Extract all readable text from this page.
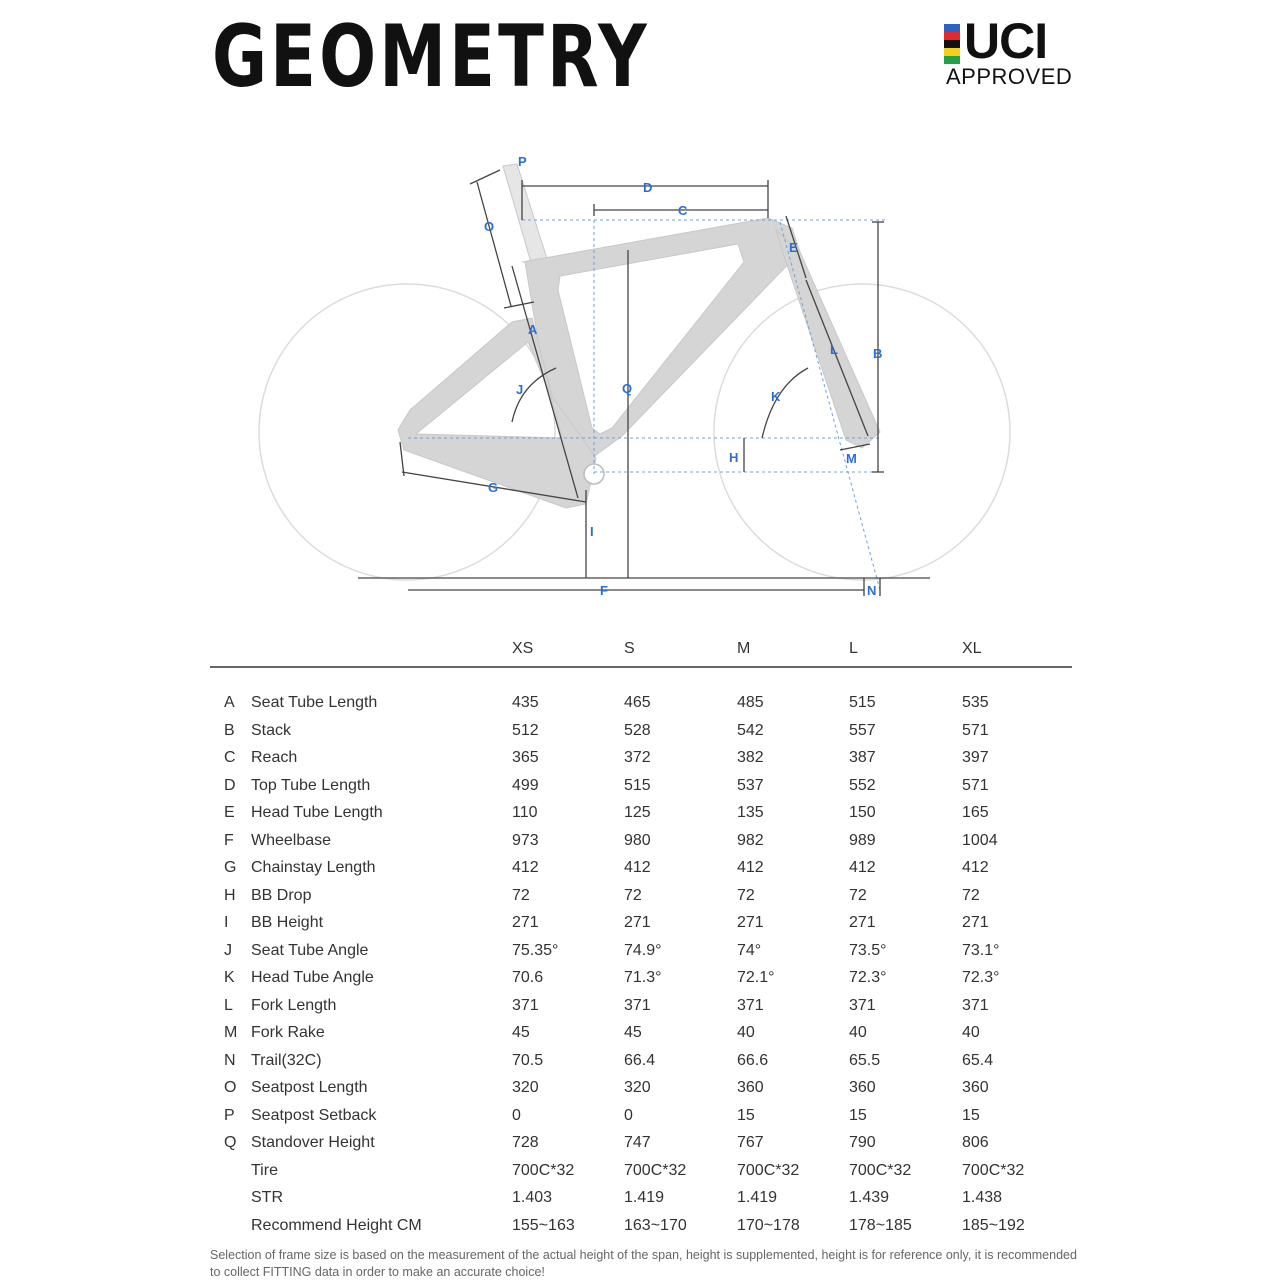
GEOMETRY	UCI
APPROVED
P
D
C
O
E
A
B
L
Q
J	K
H	M
G
I
F	N
XS	S	M	L	XL
A Seat Tube Length	435	465	485	515	535
B Stack	512	528	542	557	571
C Reach	365	372	382	387	397
D Top Tube Length	499	515	537	552	571
E Head Tube Length	110	125	135	150	165
F Wheelbase	973	980	982	989	1004
G Chainstay Length	412	412	412	412	412
H BB Drop	72	72	72	72	72
I BB Height	271	271	271	271	271
J Seat Tube Angle	75.35°	74.9°	74°	73.5°	73.1°
K Head Tube Angle	70.6	71.3°	72.1°	72.3°	72.3°
L Fork Length	371	371	371	371	371
M Fork Rake	45	45	40	40	40
N Trail(32C)	70.5	66.4	66.6	65.5	65.4
O Seatpost Length	320	320	360	360	360
P Seatpost Setback	0	0	15	15	15
Q Standover Height	728	747	767	790	806
Tire	700C*32	700C*32	700C*32	700C*32	700C*32
STR	1.403	1.419	1.419	1.439	1.438
Recommend Height CM	155~163	163~170	170~178	178~185	185~192
Selection of frame size is based on the measurement of the actual height of the span, height is supplemented, height is for reference only, it is recommended to collect FITTING data in order to make an accurate choice!
